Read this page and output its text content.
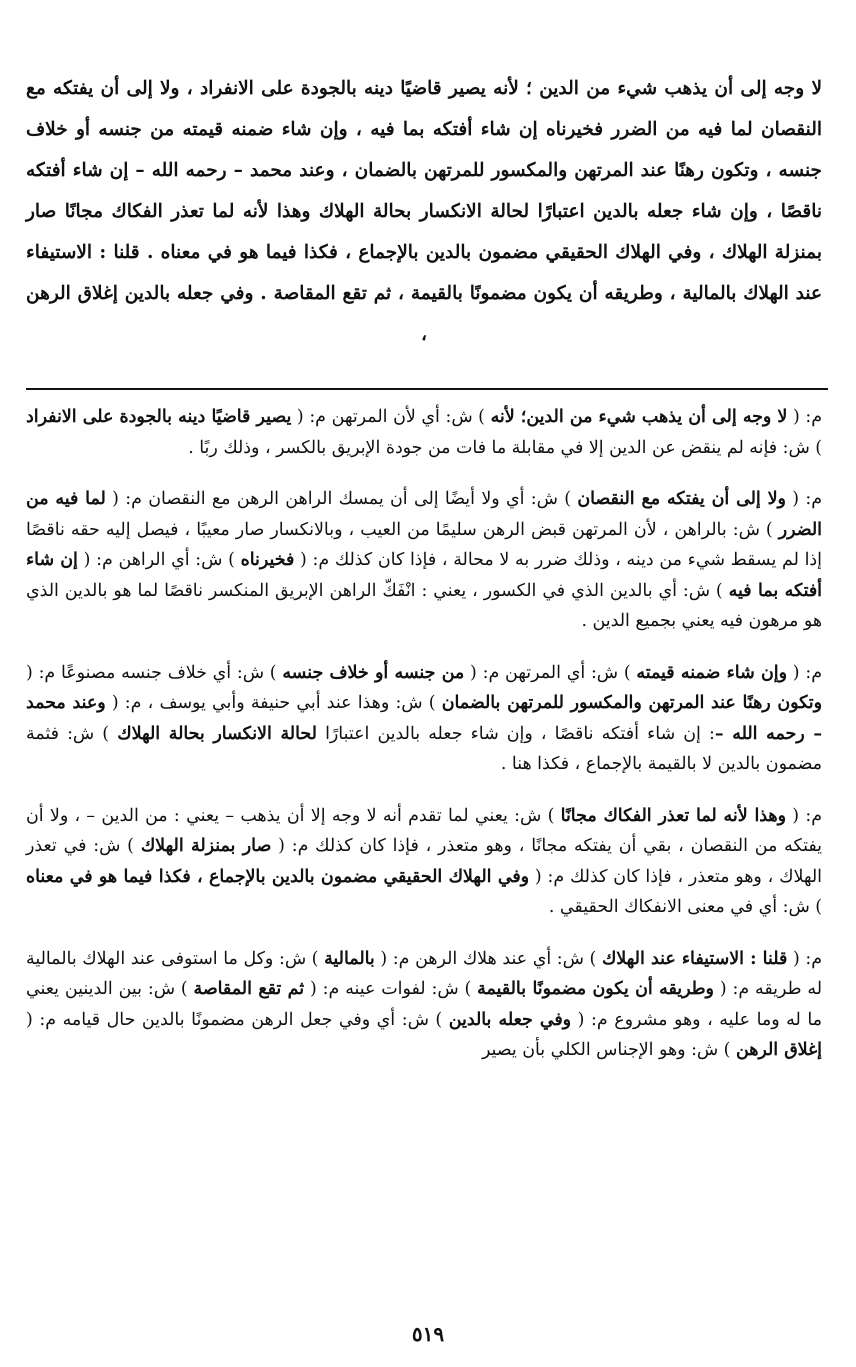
لا وجه إلى أن يذهب شيء من الدين ؛ لأنه يصير قاضيًا دينه بالجودة على الانفراد ، ولا إلى أن يفتكه مع النقصان لما فيه من الضرر فخيرناه إن شاء أفتكه بما فيه ، وإن شاء ضمنه قيمته من جنسه أو خلاف جنسه ، وتكون رهنًا عند المرتهن والمكسور للمرتهن بالضمان ، وعند محمد – رحمه الله – إن شاء أفتكه ناقصًا ، وإن شاء جعله بالدين اعتبارًا لحالة الانكسار بحالة الهلاك وهذا لأنه لما تعذر الفكاك مجانًا صار بمنزلة الهلاك ، وفي الهلاك الحقيقي مضمون بالدين بالإجماع ، فكذا فيما هو في معناه . قلنا : الاستيفاء عند الهلاك بالمالية ، وطريقه أن يكون مضمونًا بالقيمة ، ثم تقع المقاصة . وفي جعله بالدين إغلاق الرهن ،

م: ( لا وجه إلى أن يذهب شيء من الدين؛ لأنه ) ش: أي لأن المرتهن م: ( يصير قاضيًا دينه بالجودة على الانفراد ) ش: فإنه لم ينقض عن الدين إلا في مقابلة ما فات من جودة الإبريق بالكسر ، وذلك ربًا .

م: ( ولا إلى أن يفتكه مع النقصان ) ش: أي ولا أيضًا إلى أن يمسك الراهن الرهن مع النقصان م: ( لما فيه من الضرر ) ش: بالراهن ، لأن المرتهن قبض الرهن سليمًا من العيب ، وبالانكسار صار معيبًا ، فيصل إليه حقه ناقصًا إذا لم يسقط شيء من دينه ، وذلك ضرر به لا محالة ، فإذا كان كذلك م: ( فخيرناه ) ش: أي الراهن م: ( إن شاء أفتكه بما فيه ) ش: أي بالدين الذي في الكسور ، يعني : انْفَكّ الراهن الإبريق المنكسر ناقصًا لما هو بالدين الذي هو مرهون فيه يعني بجميع الدين .

م: ( وإن شاء ضمنه قيمته ) ش: أي المرتهن م: ( من جنسه أو خلاف جنسه ) ش: أي خلاف جنسه مصنوعًا م: ( وتكون رهنًا عند المرتهن والمكسور للمرتهن بالضمان ) ش: وهذا عند أبي حنيفة وأبي يوسف ، م: ( وعند محمد – رحمه الله –: إن شاء أفتكه ناقصًا ، وإن شاء جعله بالدين اعتبارًا لحالة الانكسار بحالة الهلاك ) ش: فثمة مضمون بالدين لا بالقيمة بالإجماع ، فكذا هنا .

م: ( وهذا لأنه لما تعذر الفكاك مجانًا ) ش: يعني لما تقدم أنه لا وجه إلا أن يذهب – يعني : من الدين – ، ولا أن يفتكه من النقصان ، بقي أن يفتكه مجانًا ، وهو متعذر ، فإذا كان كذلك م: ( صار بمنزلة الهلاك ) ش: في تعذر الهلاك ، وهو متعذر ، فإذا كان كذلك م: ( وفي الهلاك الحقيقي مضمون بالدين بالإجماع ، فكذا فيما هو في معناه ) ش: أي في معنى الانفكاك الحقيقي .

م: ( قلنا : الاستيفاء عند الهلاك ) ش: أي عند هلاك الرهن م: ( بالمالية ) ش: وكل ما استوفى عند الهلاك بالمالية له طريقه م: ( وطريقه أن يكون مضمونًا بالقيمة ) ش: لفوات عينه م: ( ثم تقع المقاصة ) ش: بين الدينين يعني ما له وما عليه ، وهو مشروع م: ( وفي جعله بالدين ) ش: أي وفي جعل الرهن مضمونًا بالدين حال قيامه م: ( إغلاق الرهن ) ش: وهو الإجناس الكلي بأن يصير

٥١٩
